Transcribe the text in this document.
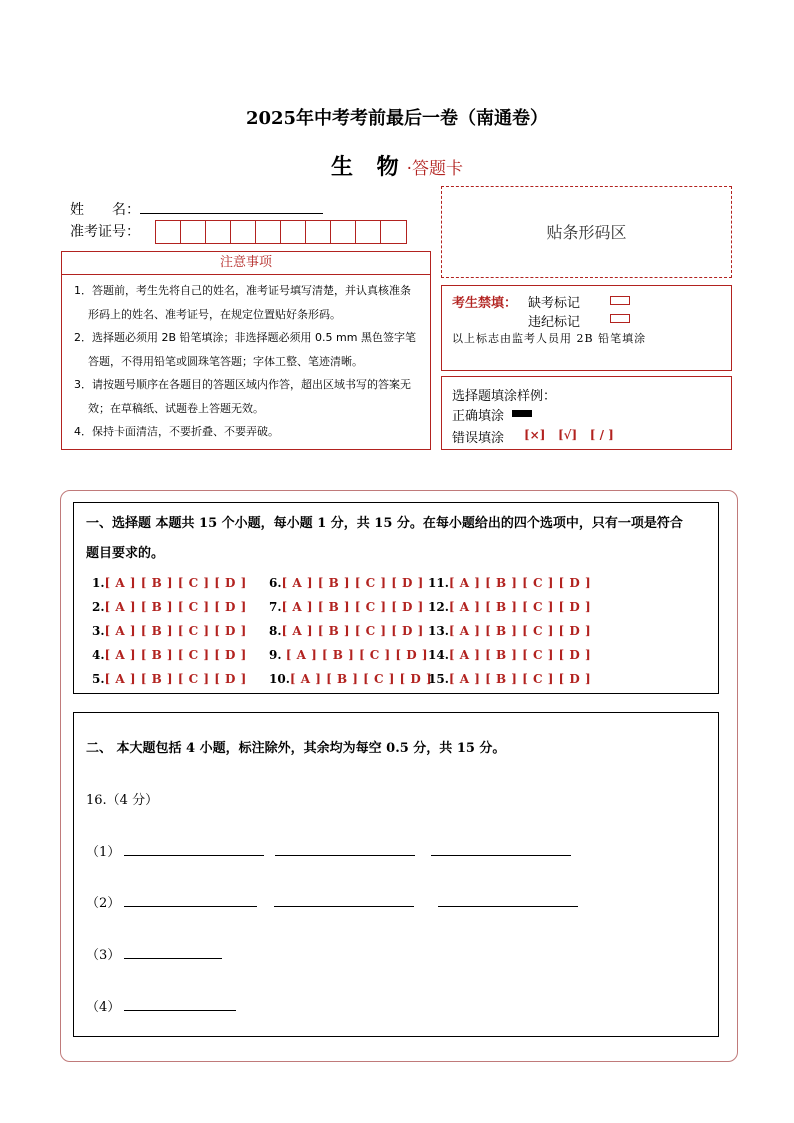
2025年中考考前最后一卷（南通卷）
生 物·答题卡
姓　　名：
准考证号：	贴条形码区
注意事项
1．答题前，考生先将自己的姓名，准考证号填写清楚，并认真核准条形码上的姓名、准考证号，在规定位置贴好条形码。
2．选择题必须用 2B 铅笔填涂；非选择题必须用 0.5 mm 黑色签字笔答题，不得用铅笔或圆珠笔答题；字体工整、笔迹清晰。
3．请按题号顺序在各题目的答题区域内作答，超出区域书写的答案无效；在草稿纸、试题卷上答题无效。
4．保持卡面清洁，不要折叠、不要弄破。
考生禁填： 缺考标记
违纪标记
以上标志由监考人员用 2B 铅笔填涂
选择题填涂样例：
正确填涂
错误填涂 [×] [√] [ / ]
一、选择题 本题共 15 个小题，每小题 1 分，共 15 分。在每小题给出的四个选项中，只有一项是符合
题目要求的。
1.[ A ] [ B ] [ C ] [ D ]
2.[ A ] [ B ] [ C ] [ D ]
3.[ A ] [ B ] [ C ] [ D ]
4.[ A ] [ B ] [ C ] [ D ]
5.[ A ] [ B ] [ C ] [ D ]
6.[ A ] [ B ] [ C ] [ D ]
7.[ A ] [ B ] [ C ] [ D ]
8.[ A ] [ B ] [ C ] [ D ]
9. [ A ] [ B ] [ C ] [ D ]
10.[ A ] [ B ] [ C ] [ D ]
11.[ A ] [ B ] [ C ] [ D ]
12.[ A ] [ B ] [ C ] [ D ]
13.[ A ] [ B ] [ C ] [ D ]
14.[ A ] [ B ] [ C ] [ D ]
15.[ A ] [ B ] [ C ] [ D ]
二、 本大题包括 4 小题，标注除外，其余均为每空 0.5 分，共 15 分。
16.（4 分）
（1）
（2）
（3）
（4）
